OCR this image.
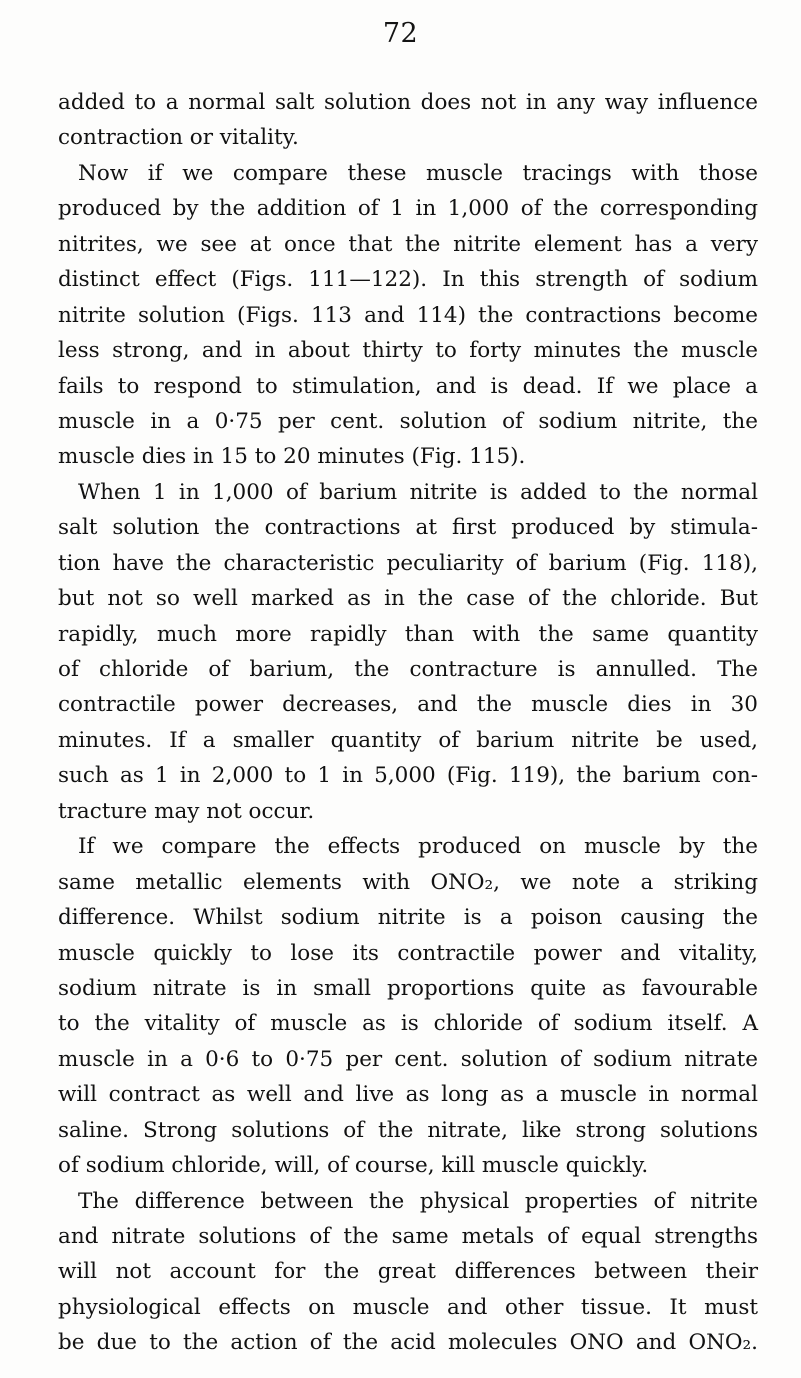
72
added to a normal salt solution does not in any way influence
contraction or vitality.
Now if we compare these muscle tracings with those
produced by the addition of 1 in 1,000 of the corresponding
nitrites, we see at once that the nitrite element has a very
distinct effect (Figs. 111—122). In this strength of sodium
nitrite solution (Figs. 113 and 114) the contractions become
less strong, and in about thirty to forty minutes the muscle
fails to respond to stimulation, and is dead. If we place a
muscle in a 0·75 per cent. solution of sodium nitrite, the
muscle dies in 15 to 20 minutes (Fig. 115).
When 1 in 1,000 of barium nitrite is added to the normal
salt solution the contractions at first produced by stimula-
tion have the characteristic peculiarity of barium (Fig. 118),
but not so well marked as in the case of the chloride. But
rapidly, much more rapidly than with the same quantity
of chloride of barium, the contracture is annulled. The
contractile power decreases, and the muscle dies in 30
minutes. If a smaller quantity of barium nitrite be used,
such as 1 in 2,000 to 1 in 5,000 (Fig. 119), the barium con-
tracture may not occur.
If we compare the effects produced on muscle by the
same metallic elements with ONO₂, we note a striking
difference. Whilst sodium nitrite is a poison causing the
muscle quickly to lose its contractile power and vitality,
sodium nitrate is in small proportions quite as favourable
to the vitality of muscle as is chloride of sodium itself. A
muscle in a 0·6 to 0·75 per cent. solution of sodium nitrate
will contract as well and live as long as a muscle in normal
saline. Strong solutions of the nitrate, like strong solutions
of sodium chloride, will, of course, kill muscle quickly.
The difference between the physical properties of nitrite
and nitrate solutions of the same metals of equal strengths
will not account for the great differences between their
physiological effects on muscle and other tissue. It must
be due to the action of the acid molecules ONO and ONO₂.
